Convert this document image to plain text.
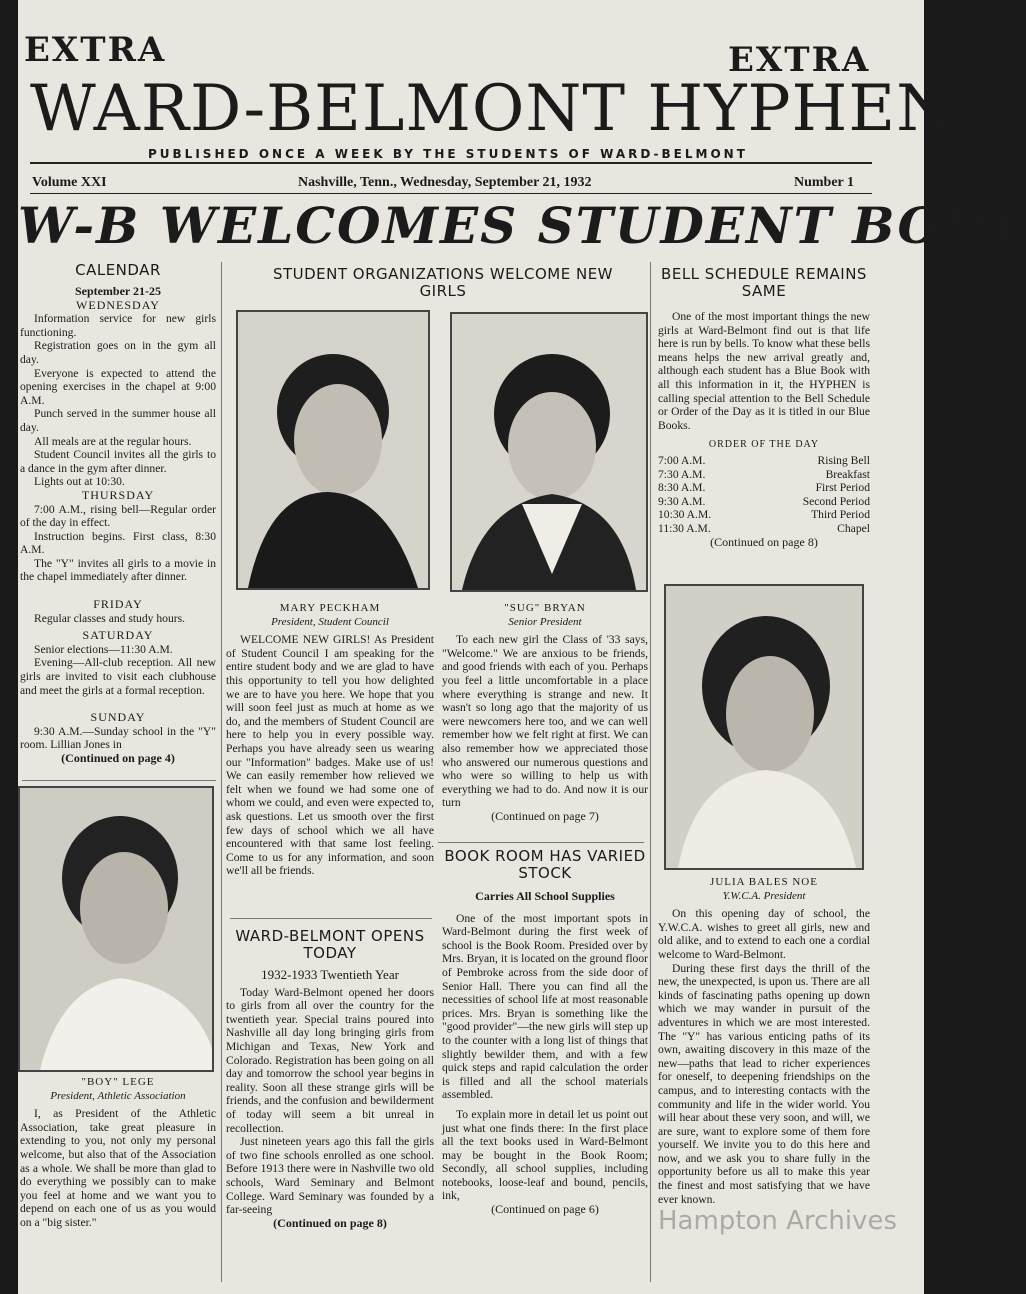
EXTRA	EXTRA
WARD-BELMONT HYPHEN
PUBLISHED ONCE A WEEK BY THE STUDENTS OF WARD-BELMONT
Volume XXI	Nashville, Tenn., Wednesday, September 21, 1932	Number 1
W-B WELCOMES STUDENT BODY
CALENDAR
September 21-25
WEDNESDAY

Information service for new girls functioning.

Registration goes on in the gym all day.

Everyone is expected to attend the opening exercises in the chapel at 9:00 A.M.

Punch served in the summer house all day.

All meals are at the regular hours.

Student Council invites all the girls to a dance in the gym after dinner.

Lights out at 10:30.

THURSDAY

7:00 A.M., rising bell—Regular order of the day in effect.

Instruction begins. First class, 8:30 A.M.

The "Y" invites all girls to a movie in the chapel immediately after dinner.

FRIDAY

Regular classes and study hours.

SATURDAY

Senior elections—11:30 A.M.

Evening—All-club reception. All new girls are invited to visit each clubhouse and meet the girls at a formal reception.

SUNDAY

9:30 A.M.—Sunday school in the "Y" room. Lillian Jones in

(Continued on page 4)
"BOY" LEGE
President, Athletic Association

I, as President of the Athletic Association, take great pleasure in extending to you, not only my personal welcome, but also that of the Association as a whole. We shall be more than glad to do everything we possibly can to make you feel at home and we want you to depend on each one of us as you would on a "big sister."

STUDENT ORGANIZATIONS WELCOME NEW GIRLS
MARY PECKHAM
President, Student Council

WELCOME NEW GIRLS! As President of Student Council I am speaking for the entire student body and we are glad to have this opportunity to tell you how delighted we are to have you here. We hope that you will soon feel just as much at home as we do, and the members of Student Council are here to help you in every possible way. Perhaps you have already seen us wearing our "Information" badges. Make use of us! We can easily remember how relieved we felt when we found we had some one of whom we could, and even were expected to, ask questions. Let us smooth over the first few days of school which we all have encountered with that same lost feeling. Come to us for any information, and soon we'll all be friends.

"SUG" BRYAN
Senior President

To each new girl the Class of '33 says, "Welcome." We are anxious to be friends, and good friends with each of you. Perhaps you feel a little uncomfortable in a place where everything is strange and new. It wasn't so long ago that the majority of us were newcomers here too, and we can well remember how we felt right at first. We can also remember how we appreciated those who answered our numerous questions and who were so willing to help us with everything we had to do. And now it is our turn

(Continued on page 7)
WARD-BELMONT OPENS TODAY
1932-1933 Twentieth Year

Today Ward-Belmont opened her doors to girls from all over the country for the twentieth year. Special trains poured into Nashville all day long bringing girls from Michigan and Texas, New York and Colorado. Registration has been going on all day and tomorrow the school year begins in reality. Soon all these strange girls will be friends, and the confusion and bewilderment of today will seem a bit unreal in recollection.

Just nineteen years ago this fall the girls of two fine schools enrolled as one school. Before 1913 there were in Nashville two old schools, Ward Seminary and Belmont College. Ward Seminary was founded by a far-seeing

(Continued on page 8)
BOOK ROOM HAS VARIED STOCK
Carries All School Supplies

One of the most important spots in Ward-Belmont during the first week of school is the Book Room. Presided over by Mrs. Bryan, it is located on the ground floor of Pembroke across from the side door of Senior Hall. There you can find all the necessities of school life at most reasonable prices. Mrs. Bryan is something like the "good provider"—the new girls will step up to the counter with a long list of things that slightly bewilder them, and with a few quick steps and rapid calculation the order is filled and all the school materials assembled.

To explain more in detail let us point out just what one finds there: In the first place all the text books used in Ward-Belmont may be bought in the Book Room; Secondly, all school supplies, including notebooks, loose-leaf and bound, pencils, ink,

(Continued on page 6)
BELL SCHEDULE REMAINS SAME

One of the most important things the new girls at Ward-Belmont find out is that life here is run by bells. To know what these bells means helps the new arrival greatly and, although each student has a Blue Book with all this information in it, the HYPHEN is calling special attention to the Bell Schedule or Order of the Day as it is titled in our Blue Books.

ORDER OF THE DAY
7:00 A.M.	Rising Bell
7:30 A.M.	Breakfast
8:30 A.M.	First Period
9:30 A.M.	Second Period
10:30 A.M.	Third Period
11:30 A.M.	Chapel
(Continued on page 8)
JULIA BALES NOE
Y.W.C.A. President

On this opening day of school, the Y.W.C.A. wishes to greet all girls, new and old alike, and to extend to each one a cordial welcome to Ward-Belmont.

During these first days the thrill of the new, the unexpected, is upon us. There are all kinds of fascinating paths opening up down which we may wander in pursuit of the adventures in which we are most interested. The "Y" has various enticing paths of its own, awaiting discovery in this maze of the new—paths that lead to richer experiences for oneself, to deepening friendships on the campus, and to interesting contacts with the community and life in the wider world. You will hear about these very soon, and will, we are sure, want to explore some of them fore yourself. We invite you to do this here and now, and we ask you to share fully in the opportunity before us all to make this year the finest and most satisfying that we have ever known.

Hampton Archives
